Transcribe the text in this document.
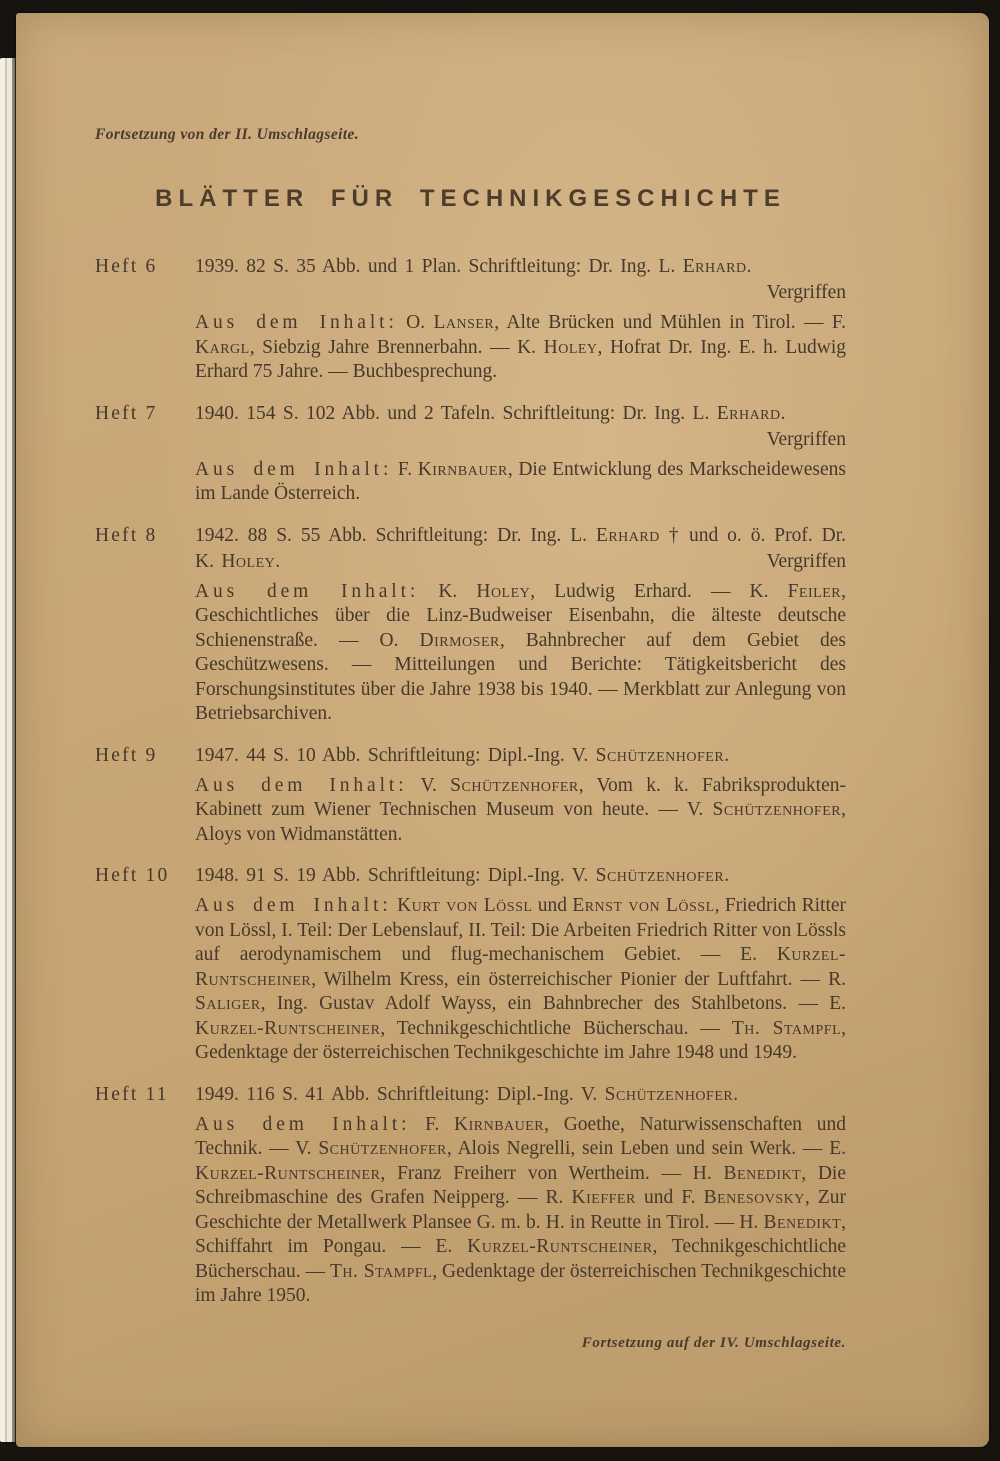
Fortsetzung von der II. Umschlagseite.
BLÄTTER FÜR TECHNIKGESCHICHTE
Heft 6	1939. 82 S. 35 Abb. und 1 Plan. Schriftleitung: Dr. Ing. L. Erhard.
Vergriffen
Aus dem Inhalt: O. Lanser, Alte Brücken und Mühlen in Tirol. — F. Kargl, Siebzig Jahre Brennerbahn. — K. Holey, Hofrat Dr. Ing. E. h. Ludwig Erhard 75 Jahre. — Buchbesprechung.
Heft 7	1940. 154 S. 102 Abb. und 2 Tafeln. Schriftleitung: Dr. Ing. L. Erhard.
Vergriffen
Aus dem Inhalt: F. Kirnbauer, Die Entwicklung des Markscheidewesens im Lande Österreich.
Heft 8	1942. 88 S. 55 Abb. Schriftleitung: Dr. Ing. L. Erhard † und o. ö. Prof. Dr. K. Holey.	Vergriffen
Aus dem Inhalt: K. Holey, Ludwig Erhard. — K. Feiler, Geschichtliches über die Linz-Budweiser Eisenbahn, die älteste deutsche Schienenstraße. — O. Dirmoser, Bahnbrecher auf dem Gebiet des Geschützwesens. — Mitteilungen und Berichte: Tätigkeitsbericht des Forschungsinstitutes über die Jahre 1938 bis 1940. — Merkblatt zur Anlegung von Betriebsarchiven.
Heft 9	1947. 44 S. 10 Abb. Schriftleitung: Dipl.-Ing. V. Schützenhofer.
Aus dem Inhalt: V. Schützenhofer, Vom k. k. Fabriksprodukten-Kabinett zum Wiener Technischen Museum von heute. — V. Schützenhofer, Aloys von Widmanstätten.
Heft 10	1948. 91 S. 19 Abb. Schriftleitung: Dipl.-Ing. V. Schützenhofer.
Aus dem Inhalt: Kurt von Lössl und Ernst von Lössl, Friedrich Ritter von Lössl, I. Teil: Der Lebenslauf, II. Teil: Die Arbeiten Friedrich Ritter von Lössls auf aerodynamischem und flug-mechanischem Gebiet. — E. Kurzel-Runtscheiner, Wilhelm Kress, ein österreichischer Pionier der Luftfahrt. — R. Saliger, Ing. Gustav Adolf Wayss, ein Bahnbrecher des Stahlbetons. — E. Kurzel-Runtscheiner, Technikgeschichtliche Bücherschau. — Th. Stampfl, Gedenktage der österreichischen Technikgeschichte im Jahre 1948 und 1949.
Heft 11	1949. 116 S. 41 Abb. Schriftleitung: Dipl.-Ing. V. Schützenhofer.
Aus dem Inhalt: F. Kirnbauer, Goethe, Naturwissenschaften und Technik. — V. Schützenhofer, Alois Negrelli, sein Leben und sein Werk. — E. Kurzel-Runtscheiner, Franz Freiherr von Wertheim. — H. Benedikt, Die Schreibmaschine des Grafen Neipperg. — R. Kieffer und F. Benesovsky, Zur Geschichte der Metallwerk Plansee G. m. b. H. in Reutte in Tirol. — H. Benedikt, Schiffahrt im Pongau. — E. Kurzel-Runtscheiner, Technikgeschichtliche Bücherschau. — Th. Stampfl, Gedenktage der österreichischen Technikgeschichte im Jahre 1950.
Fortsetzung auf der IV. Umschlagseite.
